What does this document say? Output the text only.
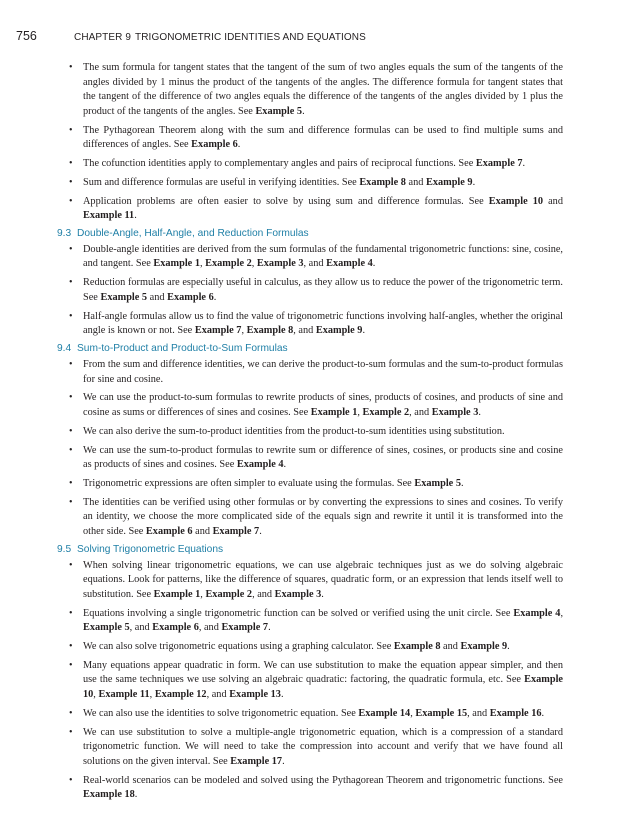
756	CHAPTER 9 TRIGONOMETRIC IDENTITIES AND EQUATIONS
• The sum formula for tangent states that the tangent of the sum of two angles equals the sum of the tangents of the angles divided by 1 minus the product of the tangents of the angles. The difference formula for tangent states that the tangent of the difference of two angles equals the difference of the tangents of the angles divided by 1 plus the product of the tangents of the angles. See Example 5.
• The Pythagorean Theorem along with the sum and difference formulas can be used to find multiple sums and differences of angles. See Example 6.
• The cofunction identities apply to complementary angles and pairs of reciprocal functions. See Example 7.
• Sum and difference formulas are useful in verifying identities. See Example 8 and Example 9.
• Application problems are often easier to solve by using sum and difference formulas. See Example 10 and Example 11.
9.3 Double-Angle, Half-Angle, and Reduction Formulas
• Double-angle identities are derived from the sum formulas of the fundamental trigonometric functions: sine, cosine, and tangent. See Example 1, Example 2, Example 3, and Example 4.
• Reduction formulas are especially useful in calculus, as they allow us to reduce the power of the trigonometric term. See Example 5 and Example 6.
• Half-angle formulas allow us to find the value of trigonometric functions involving half-angles, whether the original angle is known or not. See Example 7, Example 8, and Example 9.
9.4 Sum-to-Product and Product-to-Sum Formulas
• From the sum and difference identities, we can derive the product-to-sum formulas and the sum-to-product formulas for sine and cosine.
• We can use the product-to-sum formulas to rewrite products of sines, products of cosines, and products of sine and cosine as sums or differences of sines and cosines. See Example 1, Example 2, and Example 3.
• We can also derive the sum-to-product identities from the product-to-sum identities using substitution.
• We can use the sum-to-product formulas to rewrite sum or difference of sines, cosines, or products sine and cosine as products of sines and cosines. See Example 4.
• Trigonometric expressions are often simpler to evaluate using the formulas. See Example 5.
• The identities can be verified using other formulas or by converting the expressions to sines and cosines. To verify an identity, we choose the more complicated side of the equals sign and rewrite it until it is transformed into the other side. See Example 6 and Example 7.
9.5 Solving Trigonometric Equations
• When solving linear trigonometric equations, we can use algebraic techniques just as we do solving algebraic equations. Look for patterns, like the difference of squares, quadratic form, or an expression that lends itself well to substitution. See Example 1, Example 2, and Example 3.
• Equations involving a single trigonometric function can be solved or verified using the unit circle. See Example 4, Example 5, and Example 6, and Example 7.
• We can also solve trigonometric equations using a graphing calculator. See Example 8 and Example 9.
• Many equations appear quadratic in form. We can use substitution to make the equation appear simpler, and then use the same techniques we use solving an algebraic quadratic: factoring, the quadratic formula, etc. See Example 10, Example 11, Example 12, and Example 13.
• We can also use the identities to solve trigonometric equation. See Example 14, Example 15, and Example 16.
• We can use substitution to solve a multiple-angle trigonometric equation, which is a compression of a standard trigonometric function. We will need to take the compression into account and verify that we have found all solutions on the given interval. See Example 17.
• Real-world scenarios can be modeled and solved using the Pythagorean Theorem and trigonometric functions. See Example 18.
